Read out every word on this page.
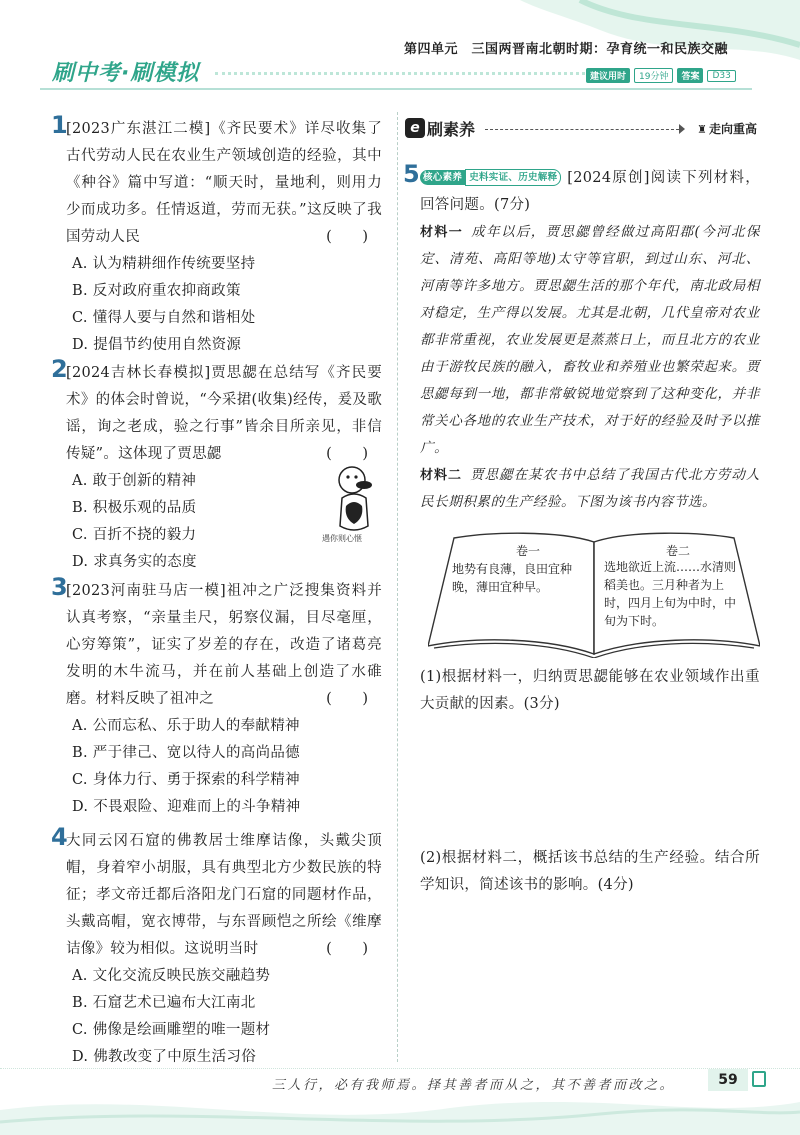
第四单元　三国两晋南北朝时期：孕育统一和民族交融
刷中考·刷模拟	建议用时	19分钟	答案	D33
1
[2023广东湛江二模]《齐民要术》详尽收集了古代劳动人民在农业生产领域创造的经验，其中《种谷》篇中写道：“顺天时，量地利，则用力少而成功多。任情返道，劳而无获。”这反映了我国劳动人民	(　)
A. 认为精耕细作传统要坚持
B. 反对政府重农抑商政策
C. 懂得人要与自然和谐相处
D. 提倡节约使用自然资源
2
[2024吉林长春模拟]贾思勰在总结写《齐民要术》的体会时曾说，“今采捃(收集)经传，爰及歌谣，询之老成，验之行事”皆余目所亲见，非信传疑”。这体现了贾思勰	(　)
A. 敢于创新的精神
B. 积极乐观的品质
C. 百折不挠的毅力
D. 求真务实的态度
遇你则心惬
3
[2023河南驻马店一模]祖冲之广泛搜集资料并认真考察，“亲量圭尺，躬察仪漏，目尽毫厘，心穷筹策”，证实了岁差的存在，改造了诸葛亮发明的木牛流马，并在前人基础上创造了水碓磨。材料反映了祖冲之	(　)
A. 公而忘私、乐于助人的奉献精神
B. 严于律己、宽以待人的高尚品德
C. 身体力行、勇于探索的科学精神
D. 不畏艰险、迎难而上的斗争精神
4
大同云冈石窟的佛教居士维摩诘像，头戴尖顶帽，身着窄小胡服，具有典型北方少数民族的特征；孝文帝迁都后洛阳龙门石窟的同题材作品，头戴高帽，宽衣博带，与东晋顾恺之所绘《维摩诘像》较为相似。这说明当时	(　)
A. 文化交流反映民族交融趋势
B. 石窟艺术已遍布大江南北
C. 佛像是绘画雕塑的唯一题材
D. 佛教改变了中原生活习俗
e 刷素养	♜ 走向重高
5 核心素养 史料实证、历史解释 [2024原创]阅读下列材料，回答问题。(7分)
材料一 成年以后，贾思勰曾经做过高阳郡(今河北保定、清苑、高阳等地)太守等官职，到过山东、河北、河南等许多地方。贾思勰生活的那个年代，南北政局相对稳定，生产得以发展。尤其是北朝，几代皇帝对农业都非常重视，农业发展更是蒸蒸日上，而且北方的农业由于游牧民族的融入，畜牧业和养殖业也繁荣起来。贾思勰每到一地，都非常敏锐地觉察到了这种变化，并非常关心各地的农业生产技术，对于好的经验及时予以推广。
材料二 贾思勰在某农书中总结了我国古代北方劳动人民长期积累的生产经验。下图为该书内容节选。
卷一
地势有良薄，良田宜种晚，薄田宜种早。
卷二
选地欲近上流……水清则稻美也。三月种者为上时，四月上旬为中时，中旬为下时。
(1)根据材料一，归纳贾思勰能够在农业领域作出重大贡献的因素。(3分)
(2)根据材料二，概括该书总结的生产经验。结合所学知识，简述该书的影响。(4分)
三人行，必有我师焉。择其善者而从之，其不善者而改之。	59
